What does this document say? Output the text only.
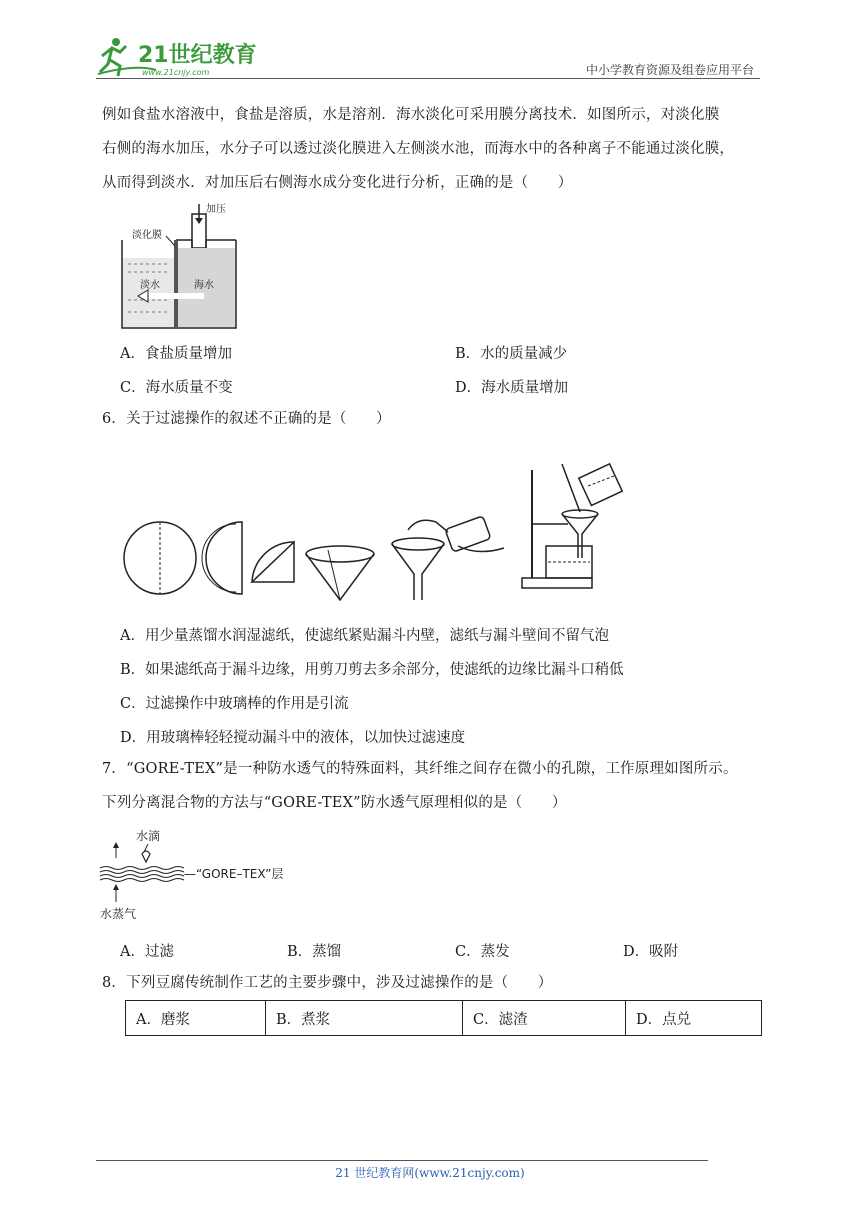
21世纪教育
www.21cnjy.com	中小学教育资源及组卷应用平台
例如食盐水溶液中，食盐是溶质，水是溶剂．海水淡化可采用膜分离技术．如图所示，对淡化膜
右侧的海水加压，水分子可以透过淡化膜进入左侧淡水池，而海水中的各种离子不能通过淡化膜，
从而得到淡水．对加压后右侧海水成分变化进行分析，正确的是（　　）
加压
淡化膜
淡水	海水
A．食盐质量增加	B．水的质量减少
C．海水质量不变	D．海水质量增加
6．关于过滤操作的叙述不正确的是（　　）
A．用少量蒸馏水润湿滤纸，使滤纸紧贴漏斗内壁，滤纸与漏斗壁间不留气泡
B．如果滤纸高于漏斗边缘，用剪刀剪去多余部分，使滤纸的边缘比漏斗口稍低
C．过滤操作中玻璃棒的作用是引流
D．用玻璃棒轻轻搅动漏斗中的液体，以加快过滤速度
7．“GORE-TEX”是一种防水透气的特殊面料，其纤维之间存在微小的孔隙，工作原理如图所示。
下列分离混合物的方法与“GORE-TEX”防水透气原理相似的是（　　）
水滴
—“GORE–TEX”层
水蒸气
A．过滤	B．蒸馏	C．蒸发	D．吸附
8．下列豆腐传统制作工艺的主要步骤中，涉及过滤操作的是（　　）
A．磨浆	B．煮浆	C．滤渣	D．点兑
21 世纪教育网(www.21cnjy.com)
